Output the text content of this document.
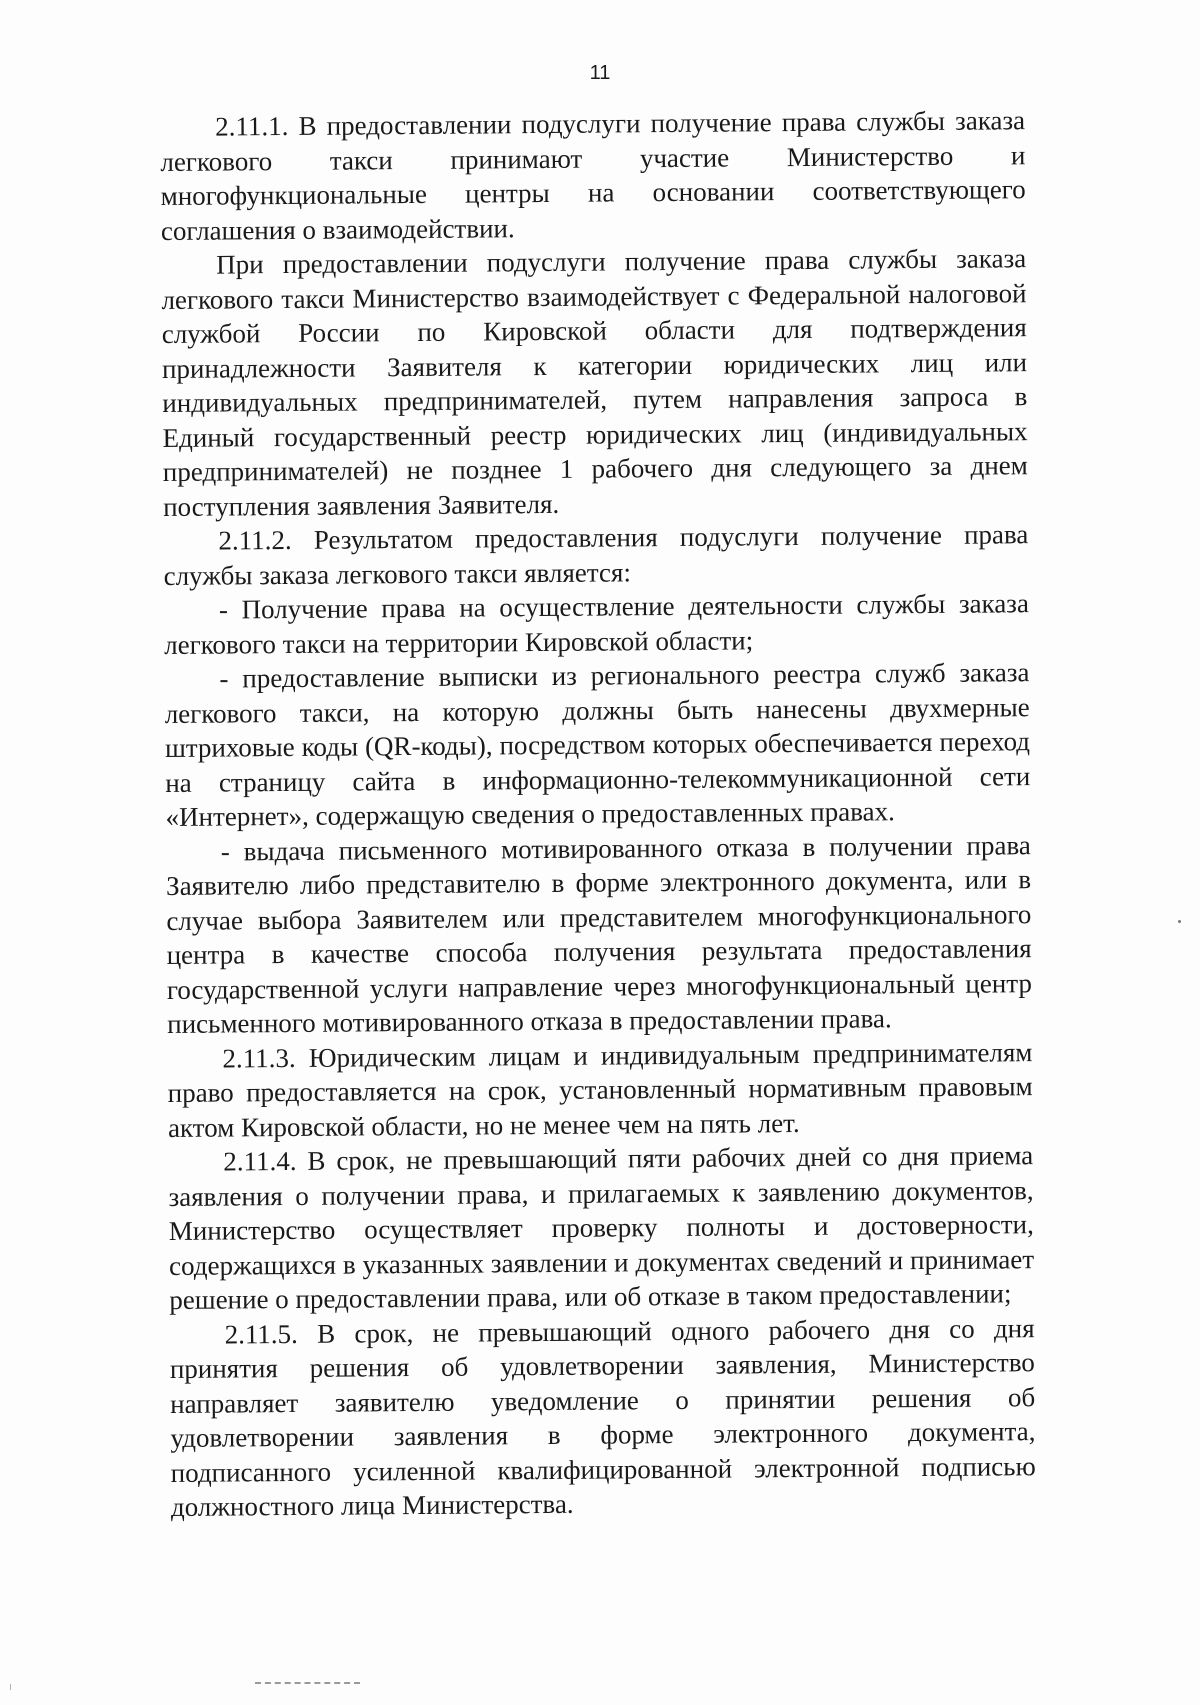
11

2.11.1. В предоставлении подуслуги получение права службы заказа легкового такси принимают участие Министерство и многофункциональные центры на основании соответствующего соглашения о взаимодействии.

При предоставлении подуслуги получение права службы заказа легкового такси Министерство взаимодействует с Федеральной налоговой службой России по Кировской области для подтверждения принадлежности Заявителя к категории юридических лиц или индивидуальных предпринимателей, путем направления запроса в Единый государственный реестр юридических лиц (индивидуальных предпринимателей) не позднее 1 рабочего дня следующего за днем поступления заявления Заявителя.

2.11.2. Результатом предоставления подуслуги получение права службы заказа легкового такси является:

- Получение права на осуществление деятельности службы заказа легкового такси на территории Кировской области;

- предоставление выписки из регионального реестра служб заказа легкового такси, на которую должны быть нанесены двухмерные штриховые коды (QR-коды), посредством которых обеспечивается переход на страницу сайта в информационно-телекоммуникационной сети «Интернет», содержащую сведения о предоставленных правах.

- выдача письменного мотивированного отказа в получении права Заявителю либо представителю в форме электронного документа, или в случае выбора Заявителем или представителем многофункционального центра в качестве способа получения результата предоставления государственной услуги направление через многофункциональный центр письменного мотивированного отказа в предоставлении права.

2.11.3. Юридическим лицам и индивидуальным предпринимателям право предоставляется на срок, установленный нормативным правовым актом Кировской области, но не менее чем на пять лет.

2.11.4. В срок, не превышающий пяти рабочих дней со дня приема заявления о получении права, и прилагаемых к заявлению документов, Министерство осуществляет проверку полноты и достоверности, содержащихся в указанных заявлении и документах сведений и принимает решение о предоставлении права, или об отказе в таком предоставлении;

2.11.5. В срок, не превышающий одного рабочего дня со дня принятия решения об удовлетворении заявления, Министерство направляет заявителю уведомление о принятии решения об удовлетворении заявления в форме электронного документа, подписанного усиленной квалифицированной электронной подписью должностного лица Министерства.
